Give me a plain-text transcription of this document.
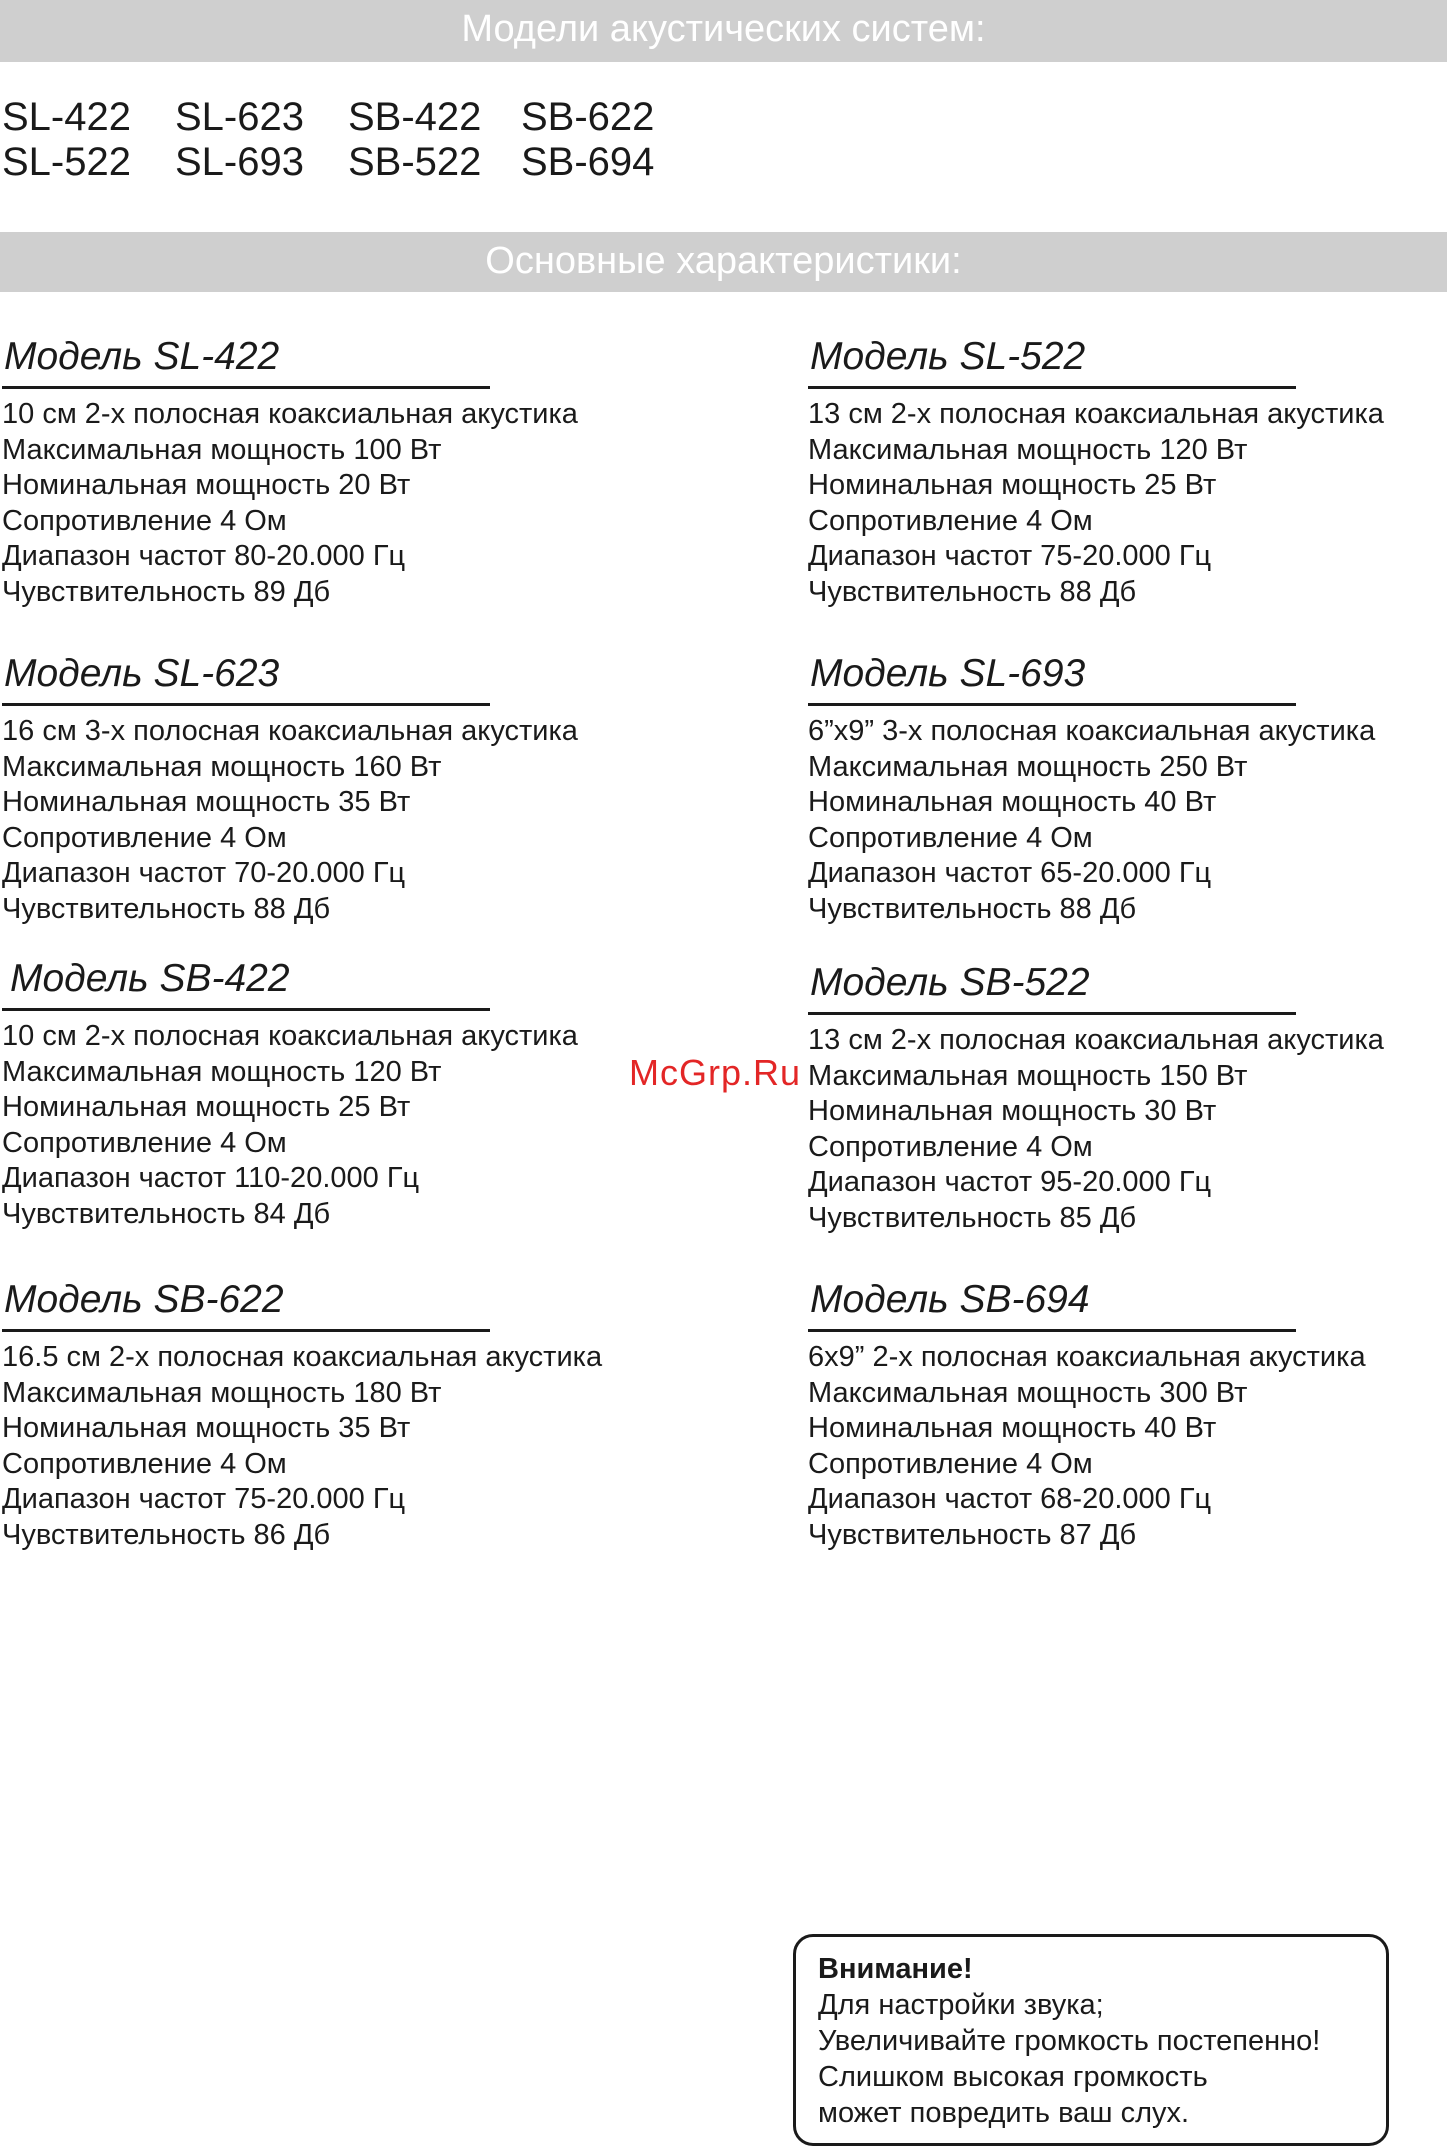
Модели акустических систем:
SL-422	SL-623	SB-422 SB-622
SL-522	SL-693	SB-522 SB-694
Основные характеристики:
Модель SL-422
10 см 2-х полосная коаксиальная акустика
Максимальная мощность 100 Вт
Номинальная мощность 20 Вт
Сопротивление 4 Ом
Диапазон частот 80-20.000 Гц
Чувствительность 89 Дб
Модель SL-522
13 см 2-х полосная коаксиальная акустика
Максимальная мощность 120 Вт
Номинальная мощность 25 Вт
Сопротивление 4 Ом
Диапазон частот 75-20.000 Гц
Чувствительность 88 Дб
Модель SL-623
16 см 3-х полосная коаксиальная акустика
Максимальная мощность 160 Вт
Номинальная мощность 35 Вт
Сопротивление 4 Ом
Диапазон частот 70-20.000 Гц
Чувствительность 88 Дб
Модель SL-693
6”х9” 3-х полосная коаксиальная акустика
Максимальная мощность 250 Вт
Номинальная мощность 40 Вт
Сопротивление 4 Ом
Диапазон частот 65-20.000 Гц
Чувствительность 88 Дб
Модель SB-422
10 см 2-х полосная коаксиальная акустика
Максимальная мощность 120 Вт
Номинальная мощность 25 Вт
Сопротивление 4 Ом
Диапазон частот 110-20.000 Гц
Чувствительность 84 Дб
Модель SB-522
13 см 2-х полосная коаксиальная акустика
Максимальная мощность 150 Вт
Номинальная мощность 30 Вт
Сопротивление 4 Ом
Диапазон частот 95-20.000 Гц
Чувствительность 85 Дб
Модель SB-622
16.5 см 2-х полосная коаксиальная акустика
Максимальная мощность 180 Вт
Номинальная мощность 35 Вт
Сопротивление 4 Ом
Диапазон частот 75-20.000 Гц
Чувствительность 86 Дб
Модель SB-694
6x9” 2-х полосная коаксиальная акустика
Максимальная мощность 300 Вт
Номинальная мощность 40 Вт
Сопротивление 4 Ом
Диапазон частот 68-20.000 Гц
Чувствительность 87 Дб
McGrp.Ru
Внимание!
Для настройки звука;
Увеличивайте громкость постепенно!
Слишком высокая громкость
может повредить ваш слух.
